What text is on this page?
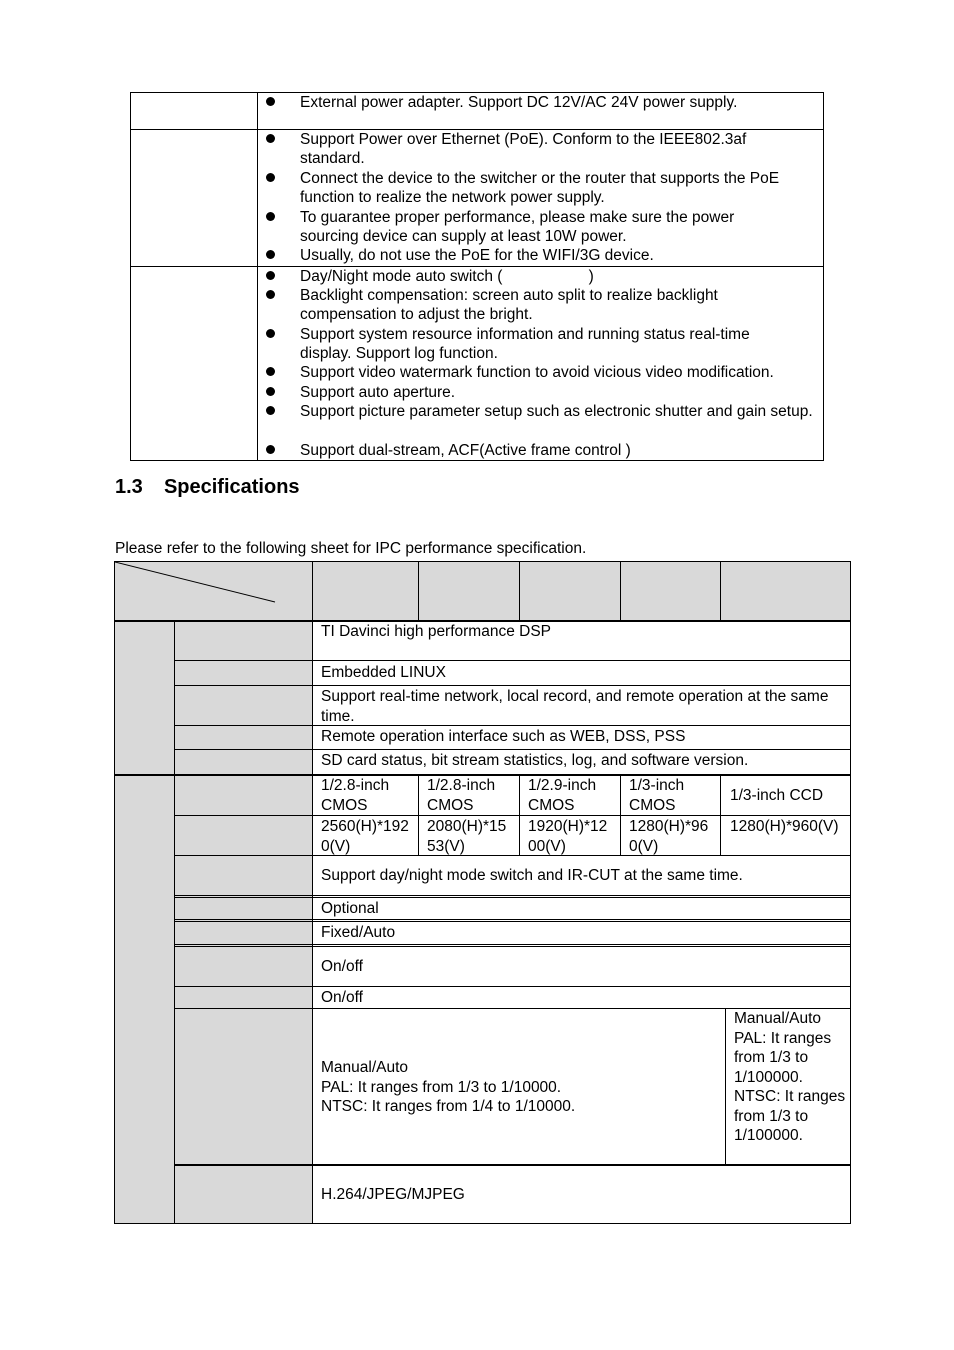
External power adapter. Support DC 12V/AC 24V power supply.
Support Power over Ethernet (PoE). Conform to the IEEE802.3af standard.
Connect the device to the switcher or the router that supports the PoE function to realize the network power supply.
To guarantee proper performance, please make sure the power sourcing device can supply at least 10W power.
Usually, do not use the PoE for the WIFI/3G device.
Day/Night mode auto switch (                    )
Backlight compensation: screen auto split to realize backlight compensation to adjust the bright.
Support system resource information and running status real-time display. Support log function.
Support video watermark function to avoid vicious video modification.
Support auto aperture.
Support picture parameter setup such as electronic shutter and gain setup.
Support dual-stream, ACF(Active frame control )
1.3 Specifications
Please refer to the following sheet for IPC performance specification.
TI Davinci high performance DSP
Embedded LINUX
Support real-time network, local record, and remote operation at the same time.
Remote operation interface such as WEB, DSS, PSS
SD card status, bit stream statistics, log, and software version.
1/2.8-inch CMOS
1/2.8-inch CMOS
1/2.9-inch CMOS
1/3-inch CMOS
1/3-inch CCD
2560(H)*1920(V)
2080(H)*1553(V)
1920(H)*1200(V)
1280(H)*960(V)
1280(H)*960(V)
Support day/night mode switch and IR-CUT at the same time.
Optional
Fixed/Auto
On/off
On/off
Manual/Auto
PAL: It ranges from 1/3 to 1/10000.
NTSC: It ranges from 1/4 to 1/10000.
Manual/Auto PAL: It ranges from 1/3 to 1/100000. NTSC: It ranges from 1/3 to 1/100000.
H.264/JPEG/MJPEG
